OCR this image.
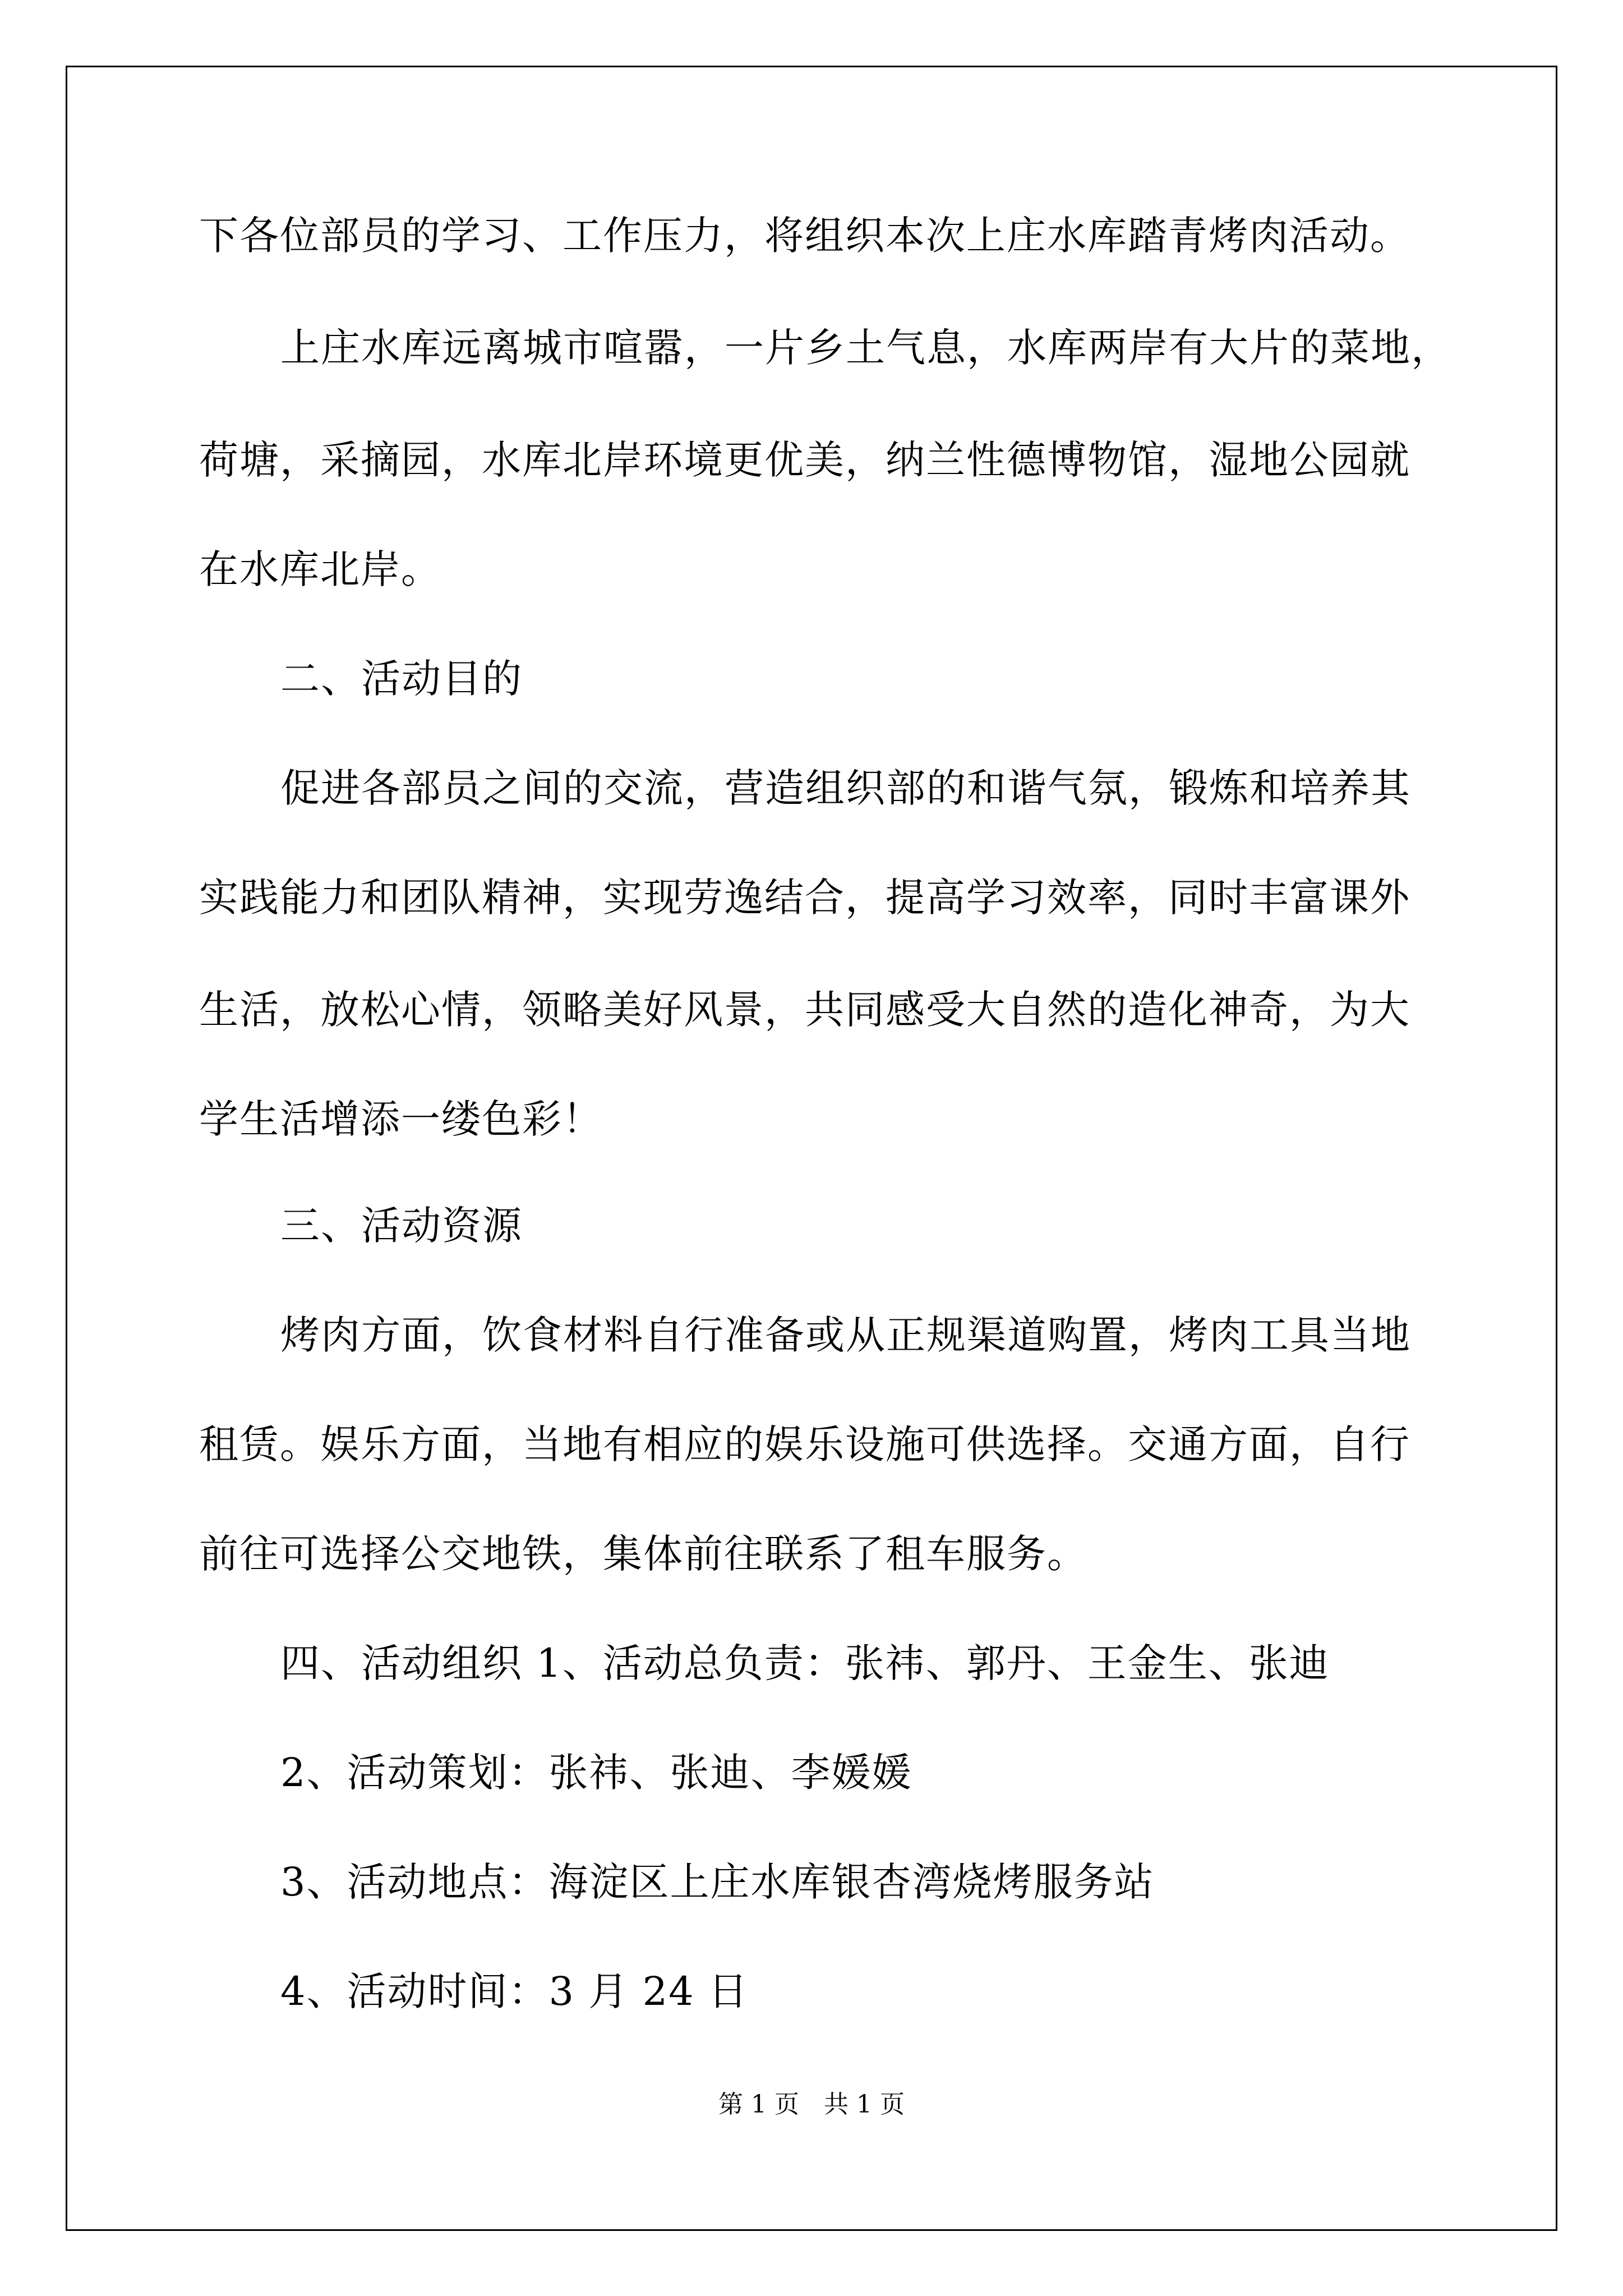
下各位部员的学习、工作压力，将组织本次上庄水库踏青烤肉活动。
上庄水库远离城市喧嚣，一片乡土气息，水库两岸有大片的菜地，
荷塘，采摘园，水库北岸环境更优美，纳兰性德博物馆，湿地公园就
在水库北岸。
二、活动目的
促进各部员之间的交流，营造组织部的和谐气氛，锻炼和培养其
实践能力和团队精神，实现劳逸结合，提高学习效率，同时丰富课外
生活，放松心情，领略美好风景，共同感受大自然的造化神奇，为大
学生活增添一缕色彩！
三、活动资源
烤肉方面，饮食材料自行准备或从正规渠道购置，烤肉工具当地
租赁。娱乐方面，当地有相应的娱乐设施可供选择。交通方面，自行
前往可选择公交地铁，集体前往联系了租车服务。
四、活动组织 1、活动总负责：张祎、郭丹、王金生、张迪
2、活动策划：张祎、张迪、李媛媛
3、活动地点：海淀区上庄水库银杏湾烧烤服务站
4、活动时间：3 月 24 日
第 1 页 共 1 页
